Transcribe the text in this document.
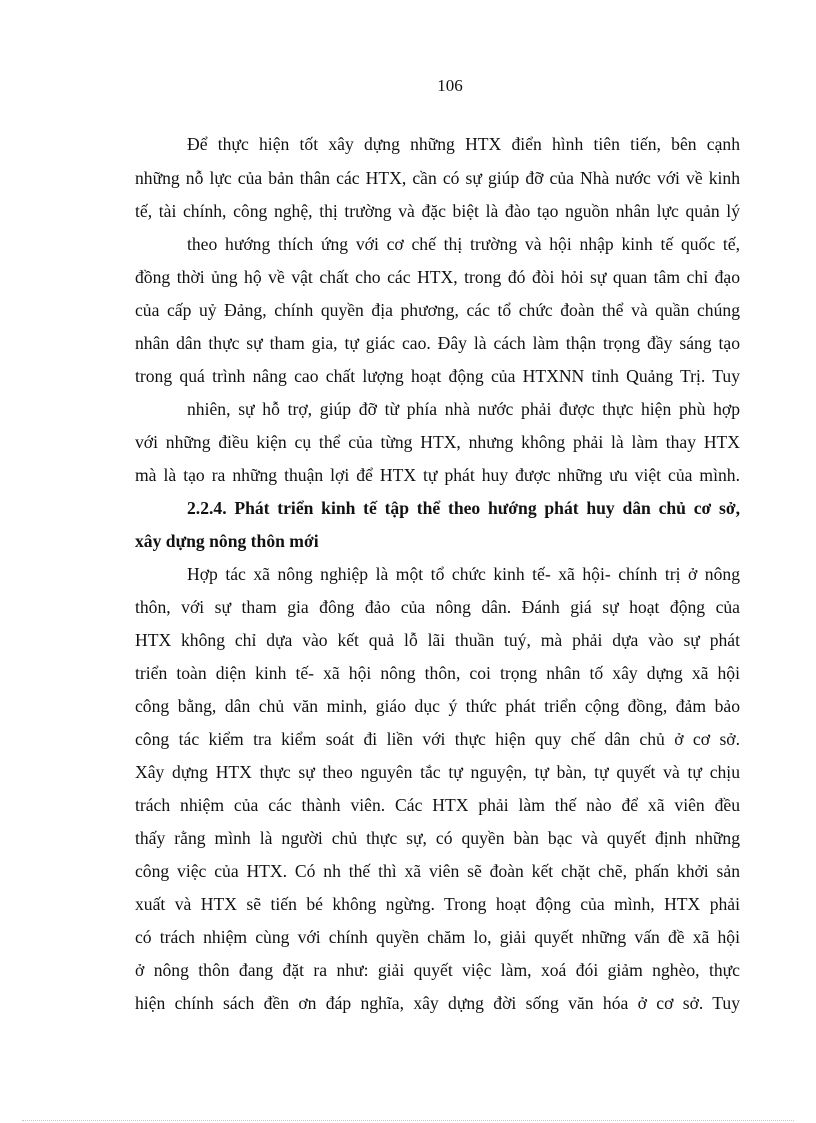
106
Để thực hiện tốt xây dựng những HTX điển hình tiên tiến, bên cạnh
những nỗ lực của bản thân các HTX, cần có sự giúp đỡ của Nhà nước với về kinh
tế, tài chính, công nghệ, thị trường và đặc biệt là đào tạo nguồn nhân lực quản lý
theo hướng thích ứng với cơ chế thị trường và hội nhập kinh tế quốc tế,
đồng thời ủng hộ về vật chất cho các HTX, trong đó đòi hỏi sự quan tâm chỉ đạo
của cấp uỷ Đảng, chính quyền địa phương, các tổ chức đoàn thể và quần chúng
nhân dân thực sự tham gia, tự giác cao. Đây là cách làm thận trọng đầy sáng tạo
trong quá trình nâng cao chất lượng hoạt động của HTXNN tỉnh Quảng Trị. Tuy
nhiên, sự hỗ trợ, giúp đỡ từ phía nhà nước phải được thực hiện phù hợp
với những điều kiện cụ thể của từng HTX, nhưng không phải là làm thay HTX
mà là tạo ra những thuận lợi để HTX tự phát huy được những ưu việt của mình.
2.2.4. Phát triển kinh tế tập thể theo hướng phát huy dân chủ cơ sở,
xây dựng nông thôn mới
Hợp tác xã nông nghiệp là một tổ chức kinh tế- xã hội- chính trị ở nông
thôn, với sự tham gia đông đảo của nông dân. Đánh giá sự hoạt động của
HTX không chỉ dựa vào kết quả lỗ lãi thuần tuý, mà phải dựa vào sự phát
triển toàn diện kinh tế- xã hội nông thôn, coi trọng nhân tố xây dựng xã hội
công bằng, dân chủ văn minh, giáo dục ý thức phát triển cộng đồng, đảm bảo
công tác kiểm tra kiểm soát đi liền với thực hiện quy chế dân chủ ở cơ sở.
Xây dựng HTX thực sự theo nguyên tắc tự nguyện, tự bàn, tự quyết và tự chịu
trách nhiệm của các thành viên. Các HTX phải làm thế nào để xã viên đều
thấy rằng mình là người chủ thực sự, có quyền bàn bạc và quyết định những
công việc của HTX. Có nh thế thì xã viên sẽ đoàn kết chặt chẽ, phấn khởi sản
xuất và HTX sẽ tiến bé không ngừng. Trong hoạt động của mình, HTX phải
có trách nhiệm cùng với chính quyền chăm lo, giải quyết những vấn đề xã hội
ở nông thôn đang đặt ra như: giải quyết việc làm, xoá đói giảm nghèo, thực
hiện chính sách đền ơn đáp nghĩa, xây dựng đời sống văn hóa ở cơ sở. Tuy
